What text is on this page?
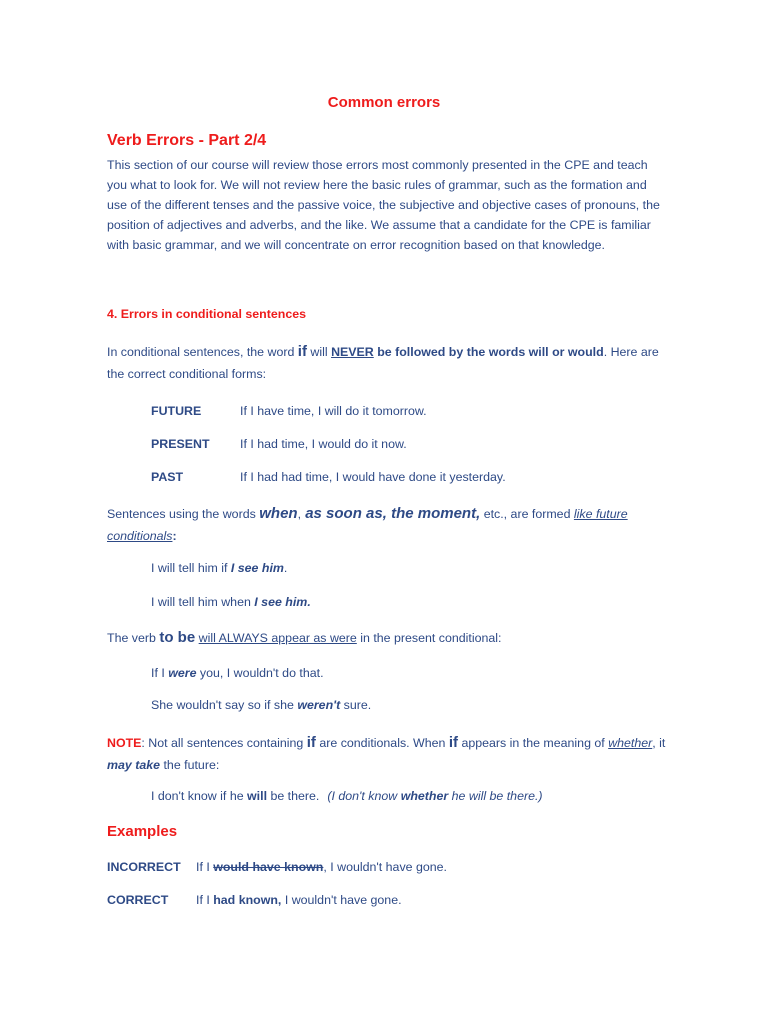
Common errors
Verb Errors - Part 2/4

This section of our course will review those errors most commonly presented in the CPE and teach you what to look for. We will not review here the basic rules of grammar, such as the formation and use of the different tenses and the passive voice, the subjective and objective cases of pronouns, the position of adjectives and adverbs, and the like. We assume that a candidate for the CPE is familiar with basic grammar, and we will concentrate on error recognition based on that knowledge.

4. Errors in conditional sentences

In conditional sentences, the word if will NEVER be followed by the words will or would. Here are the correct conditional forms:

FUTURE	If I have time, I will do it tomorrow.
PRESENT If I had time, I would do it now.
PAST	If I had had time, I would have done it yesterday.

Sentences using the words when, as soon as, the moment, etc., are formed like future conditionals:

I will tell him if I see him.
I will tell him when I see him.

The verb to be will ALWAYS appear as were in the present conditional:

If I were you, I wouldn't do that.
She wouldn't say so if she weren't sure.

NOTE: Not all sentences containing if are conditionals. When if appears in the meaning of whether, it may take the future:

I don't know if he will be there. (I don't know whether he will be there.)
Examples
INCORRECT If I would have known, I wouldn't have gone.
CORRECT If I had known, I wouldn't have gone.
